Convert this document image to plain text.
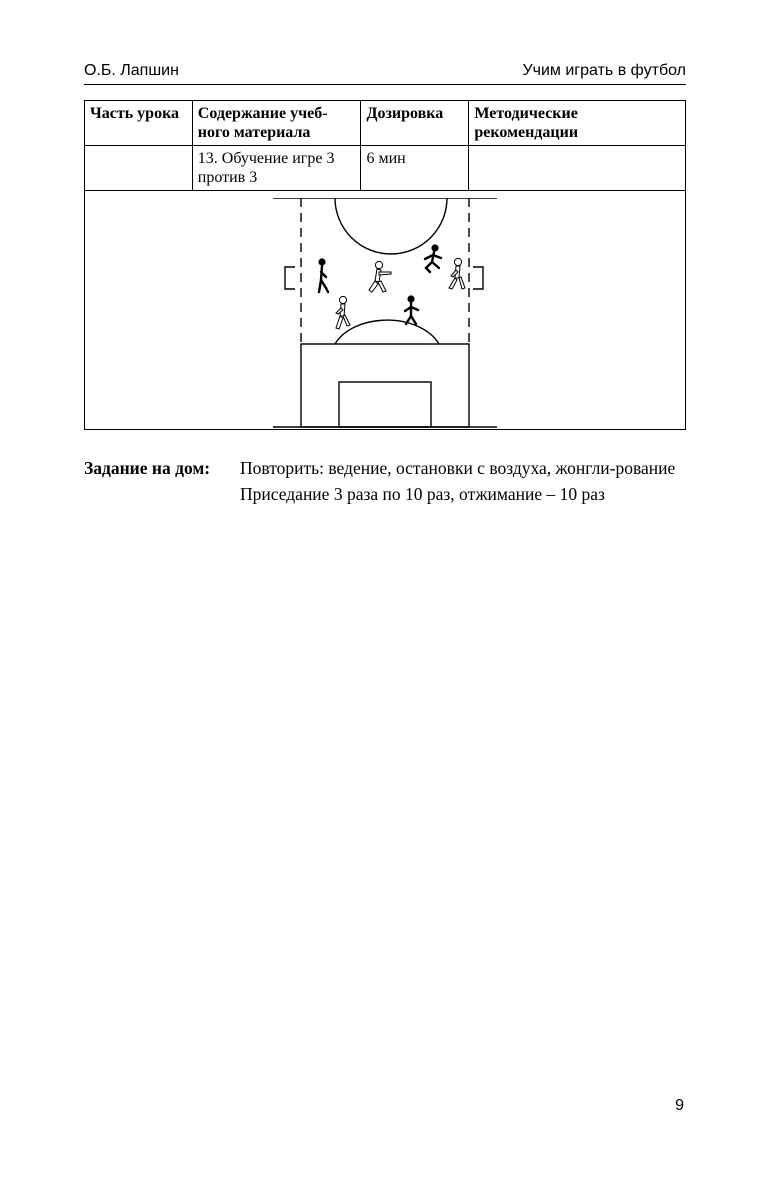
О.Б. Лапшин	Учим играть в футбол
Часть урока	Содержание учеб-ного материала	Дозировка	Методические рекомендации
	13. Обучение игре 3 против 3	6 мин	

Задание на дом: Повторить: ведение, остановки с воздуха, жонгли-рование

Приседание 3 раза по 10 раз, отжимание – 10 раз

9
